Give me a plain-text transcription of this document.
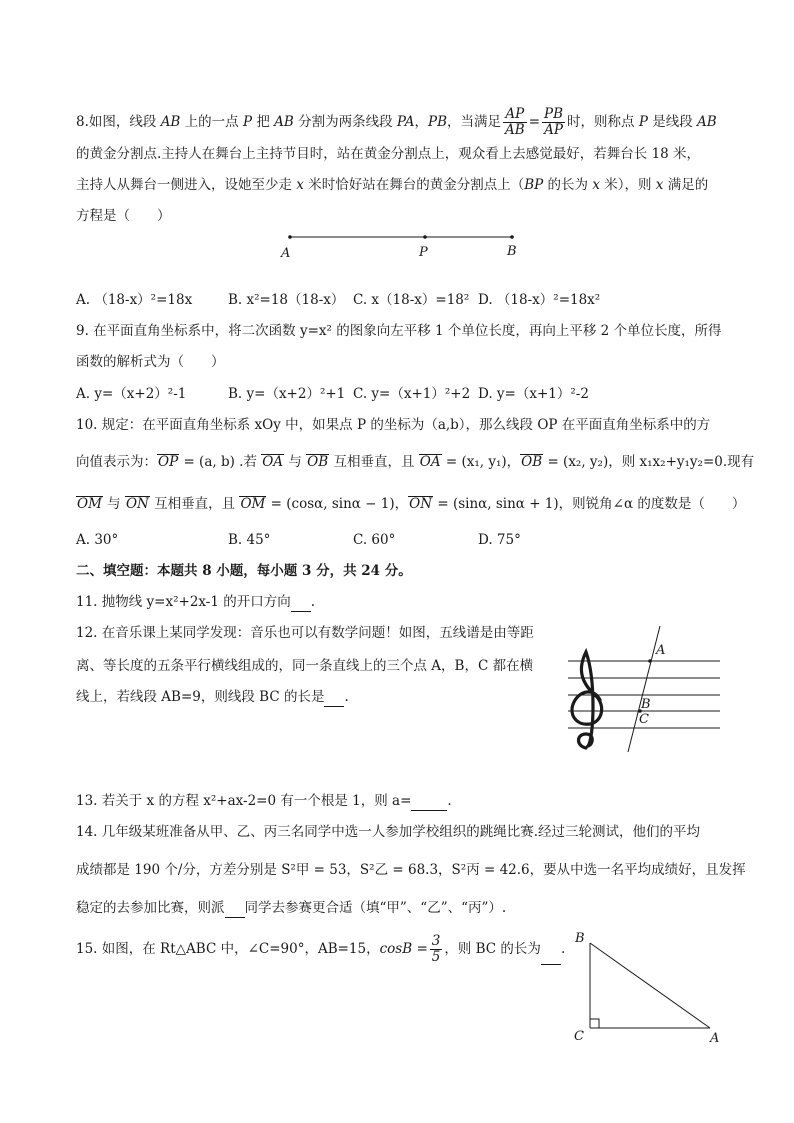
8.如图，线段 AB 上的一点 P 把 AB 分割为两条线段 PA，PB，当满足 $\frac{AP}{AB} = \frac{PB}{AP}$ 时，则称点 P 是线段 AB
的黄金分割点.主持人在舞台上主持节目时，站在黄金分割点上，观众看上去感觉最好，若舞台长 18 米，
主持人从舞台一侧进入，设她至少走 x 米时恰好站在舞台的黄金分割点上（BP 的长为 x 米），则 x 满足的
方程是（　　）
A	P	B
A. （18-x）²=18x	B. x²=18（18-x） C. x（18-x）=18² D. （18-x）²=18x²
9. 在平面直角坐标系中，将二次函数 y=x² 的图象向左平移 1 个单位长度，再向上平移 2 个单位长度，所得
函数的解析式为（　　）
A. y=（x+2）²-1	B. y=（x+2）²+1 C. y=（x+1）²+2 D. y=（x+1）²-2
10. 规定：在平面直角坐标系 xOy 中，如果点 P 的坐标为（a,b），那么线段 OP 在平面直角坐标系中的方
向值表示为：OP = (a, b) .若 OA 与 OB 互相垂直，且 OA = (x₁, y₁)，OB = (x₂, y₂)，则 x₁x₂+y₁y₂=0.现有
OM 与 ON 互相垂直，且 OM = (cosα, sinα − 1)，ON = (sinα, sinα + 1)，则锐角∠α 的度数是（　　）
A. 30°	B. 45°	C. 60°	D. 75°
二、填空题：本题共 8 小题，每小题 3 分，共 24 分。
11. 抛物线 y=x²+2x-1 的开口方向 .
12. 在音乐课上某同学发现：音乐也可以有数学问题！如图，五线谱是由等距
离、等长度的五条平行横线组成的，同一条直线上的三个点 A，B，C 都在横
线上，若线段 AB=9，则线段 BC 的长是 .
A
B
C
13. 若关于 x 的方程 x²+ax-2=0 有一个根是 1，则 a=	.
14. 几年级某班准备从甲、乙、丙三名同学中选一人参加学校组织的跳绳比赛.经过三轮测试，他们的平均
成绩都是 190 个/分，方差分别是 S²甲 = 53，S²乙 = 68.3，S²丙 = 42.6，要从中选一名平均成绩好，且发挥
稳定的去参加比赛，则派 同学去参赛更合适（填“甲”、“乙”、“丙”）.
15. 如图，在 Rt△ABC 中，∠C=90°，AB=15，$\cos B = \frac{3}{5}$ ，则 BC 的长为 .
B
C	A
